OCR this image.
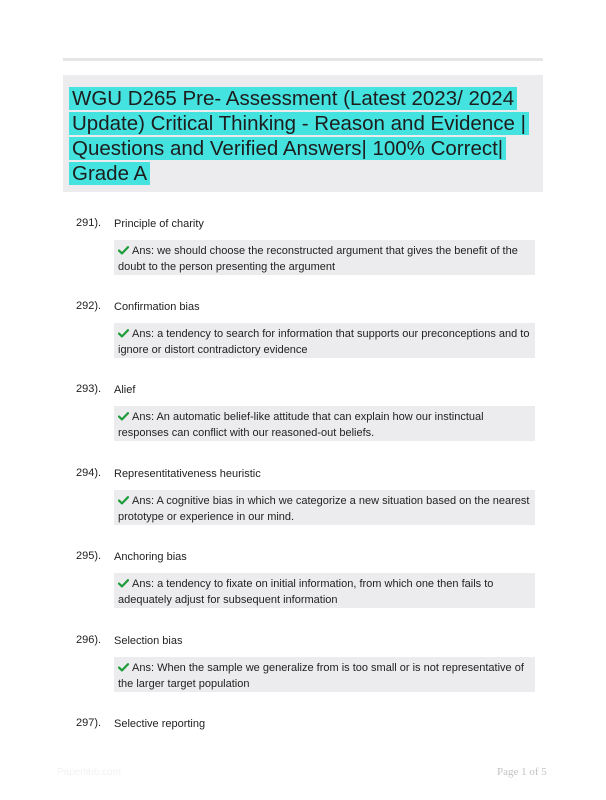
WGU D265 Pre- Assessment (Latest 2023/ 2024 Update) Critical Thinking - Reason and Evidence | Questions and Verified Answers| 100% Correct| Grade A
291). Principle of charity
Ans: we should choose the reconstructed argument that gives the benefit of the doubt to the person presenting the argument
292). Confirmation bias
Ans: a tendency to search for information that supports our preconceptions and to ignore or distort contradictory evidence
293). Alief
Ans: An automatic belief-like attitude that can explain how our instinctual responses can conflict with our reasoned-out beliefs.
294). Representitativeness heuristic
Ans: A cognitive bias in which we categorize a new situation based on the nearest prototype or experience in our mind.
295). Anchoring bias
Ans: a tendency to fixate on initial information, from which one then fails to adequately adjust for subsequent information
296). Selection bias
Ans: When the sample we generalize from is too small or is not representative of the larger target population
297). Selective reporting
Paperlibb.com	Page 1 of 5
